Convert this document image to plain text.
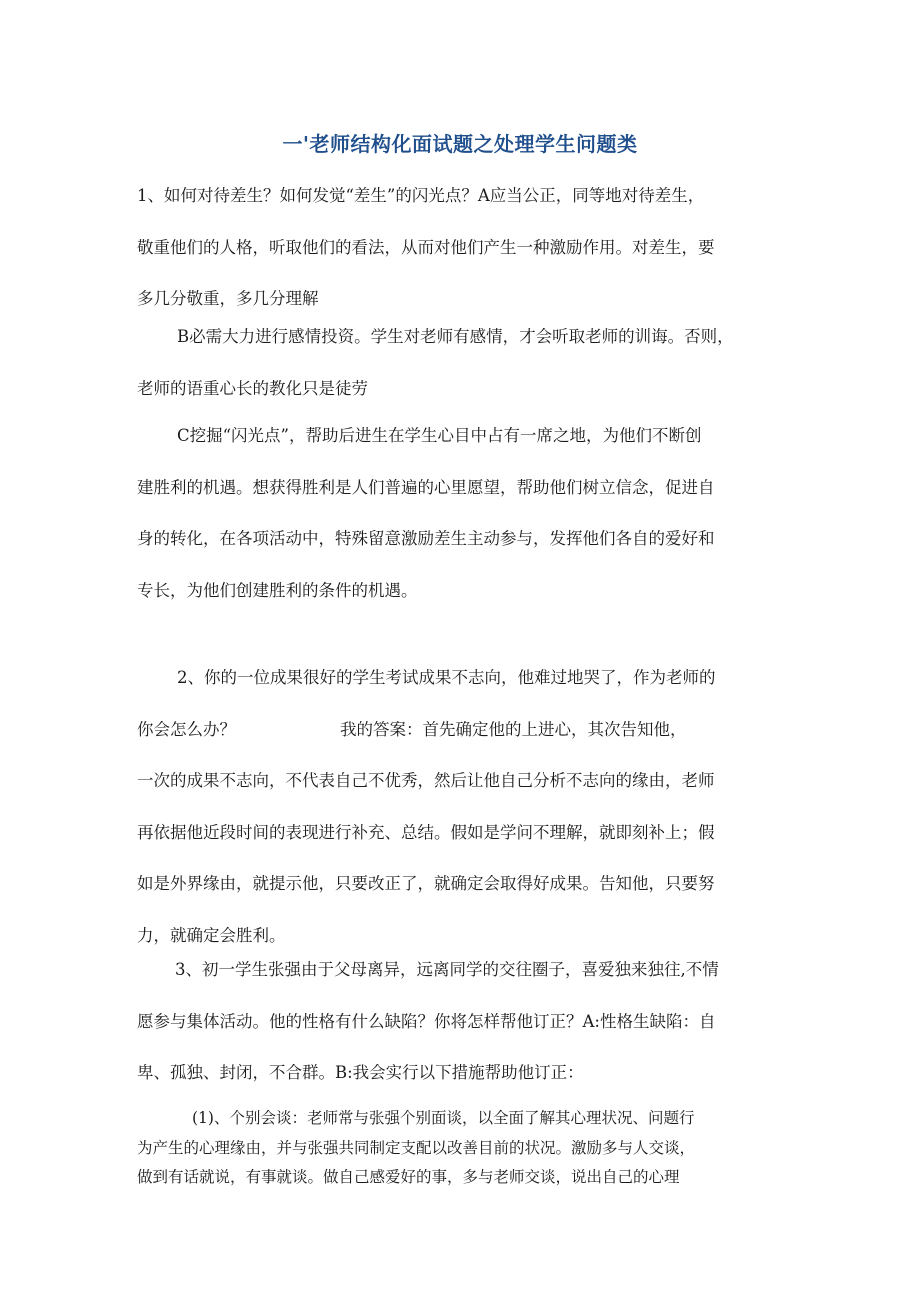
一'老师结构化面试题之处理学生问题类

1、如何对待差生？如何发觉“差生”的闪光点？A应当公正，同等地对待差生，
敬重他们的人格，听取他们的看法，从而对他们产生一种激励作用。对差生，要
多几分敬重，多几分理解

B必需大力进行感情投资。学生对老师有感情，才会听取老师的训诲。否则，
老师的语重心长的教化只是徒劳

C挖掘“闪光点”，帮助后进生在学生心目中占有一席之地，为他们不断创
建胜利的机遇。想获得胜利是人们普遍的心里愿望，帮助他们树立信念，促进自
身的转化，在各项活动中，特殊留意激励差生主动参与，发挥他们各自的爱好和
专长，为他们创建胜利的条件的机遇。

2、你的一位成果很好的学生考试成果不志向，他难过地哭了，作为老师的
你会怎么办？	我的答案：首先确定他的上进心，其次告知他，
一次的成果不志向，不代表自己不优秀，然后让他自己分析不志向的缘由，老师
再依据他近段时间的表现进行补充、总结。假如是学问不理解，就即刻补上；假
如是外界缘由，就提示他，只要改正了，就确定会取得好成果。告知他，只要努
力，就确定会胜利。

3、初一学生张强由于父母离异，远离同学的交往圈子，喜爱独来独往,不情
愿参与集体活动。他的性格有什么缺陷？你将怎样帮他订正？A:性格生缺陷：自
卑、孤独、封闭，不合群。B:我会实行以下措施帮助他订正：

(1)、个别会谈：老师常与张强个别面谈，以全面了解其心理状况、问题行
为产生的心理缘由，并与张强共同制定支配以改善目前的状况。激励多与人交谈，
做到有话就说，有事就谈。做自己感爱好的事，多与老师交谈，说出自己的心理
